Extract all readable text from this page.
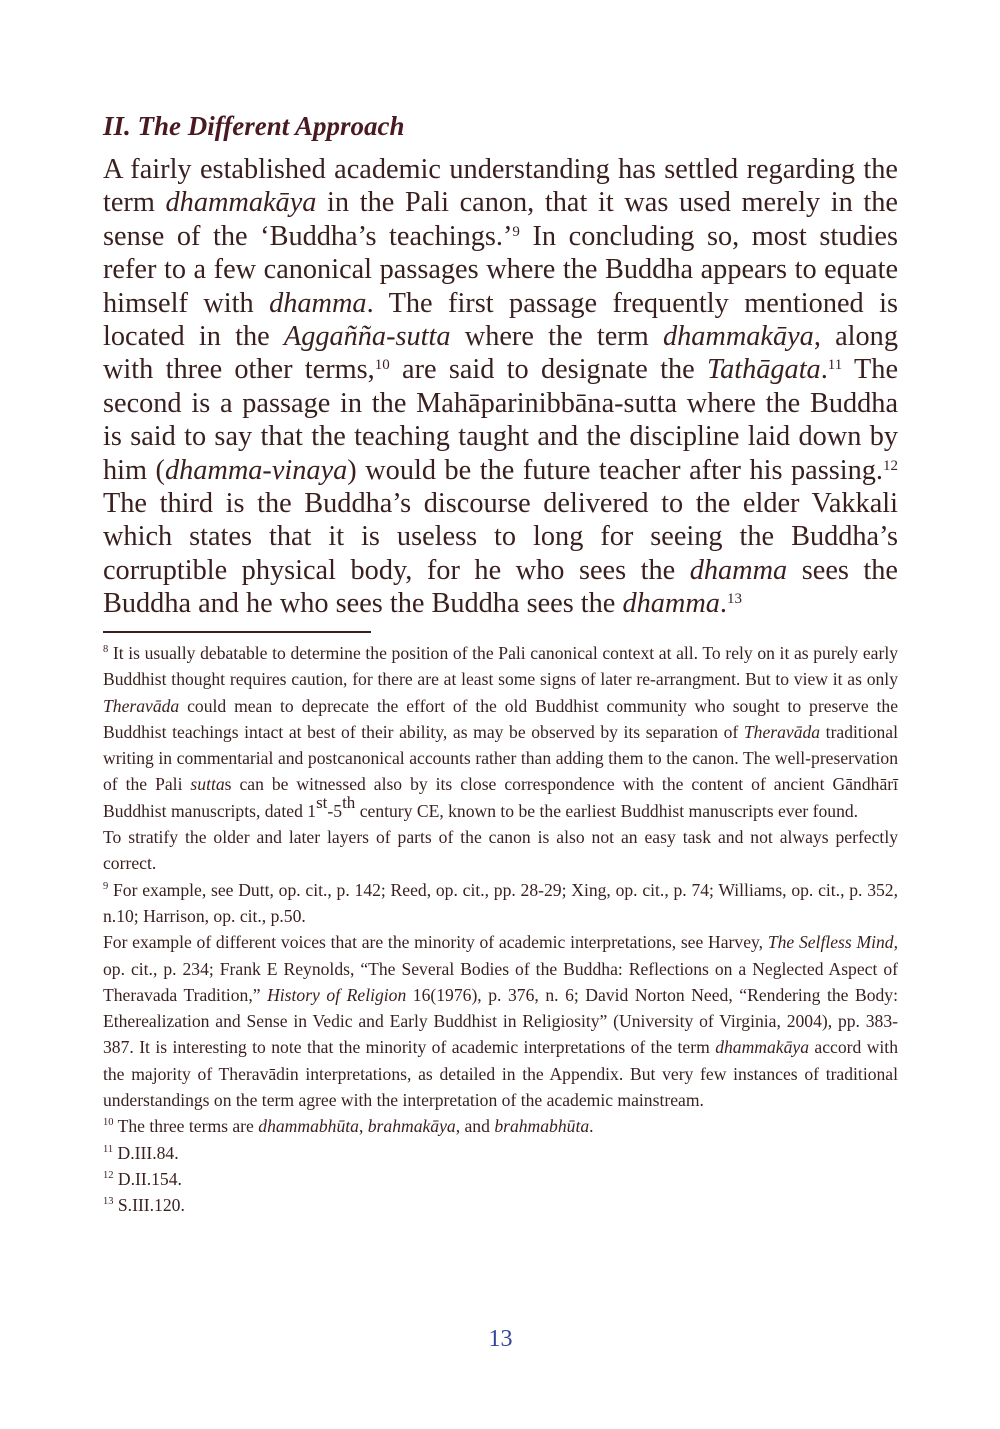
II. The Different Approach

A fairly established academic understanding has settled regarding the term dhammakāya in the Pali canon, that it was used merely in the sense of the ‘Buddha’s teachings.’$^9$ In concluding so, most studies refer to a few canonical passages where the Buddha appears to equate himself with dhamma. The first passage frequently mentioned is located in the Aggañña-sutta where the term dhammakāya, along with three other terms,$^{10}$ are said to designate the Tathāgata.$^{11}$ The second is a passage in the Mahāparinibbāna-sutta where the Buddha is said to say that the teaching taught and the discipline laid down by him (dhamma-vinaya) would be the future teacher after his passing.$^{12}$ The third is the Buddha’s discourse delivered to the elder Vakkali which states that it is useless to long for seeing the Buddha’s corruptible physical body, for he who sees the dhamma sees the Buddha and he who sees the Buddha sees the dhamma.$^{13}$

$^8$ It is usually debatable to determine the position of the Pali canonical context at all. To rely on it as purely early Buddhist thought requires caution, for there are at least some signs of later re-arrangment. But to view it as only Theravāda could mean to deprecate the effort of the old Buddhist community who sought to preserve the Buddhist teachings intact at best of their ability, as may be observed by its separation of Theravāda traditional writing in commentarial and postcanonical accounts rather than adding them to the canon. The well-preservation of the Pali suttas can be witnessed also by its close correspondence with the content of ancient Gāndhārī Buddhist manuscripts, dated 1st-5th century CE, known to be the earliest Buddhist manuscripts ever found.

To stratify the older and later layers of parts of the canon is also not an easy task and not always perfectly correct.

$^9$ For example, see Dutt, op. cit., p. 142; Reed, op. cit., pp. 28-29; Xing, op. cit., p. 74; Williams, op. cit., p. 352, n.10; Harrison, op. cit., p.50.

For example of different voices that are the minority of academic interpretations, see Harvey, The Selfless Mind, op. cit., p. 234; Frank E Reynolds, “The Several Bodies of the Buddha: Reflections on a Neglected Aspect of Theravada Tradition,” History of Religion 16(1976), p. 376, n. 6; David Norton Need, “Rendering the Body: Etherealization and Sense in Vedic and Early Buddhist in Religiosity” (University of Virginia, 2004), pp. 383-387. It is interesting to note that the minority of academic interpretations of the term dhammakāya accord with the majority of Theravādin interpretations, as detailed in the Appendix. But very few instances of traditional understandings on the term agree with the interpretation of the academic mainstream.

$^{10}$ The three terms are dhammabhūta, brahmakāya, and brahmabhūta.

$^{11}$ D.III.84.

$^{12}$ D.II.154.

$^{13}$ S.III.120.

13
